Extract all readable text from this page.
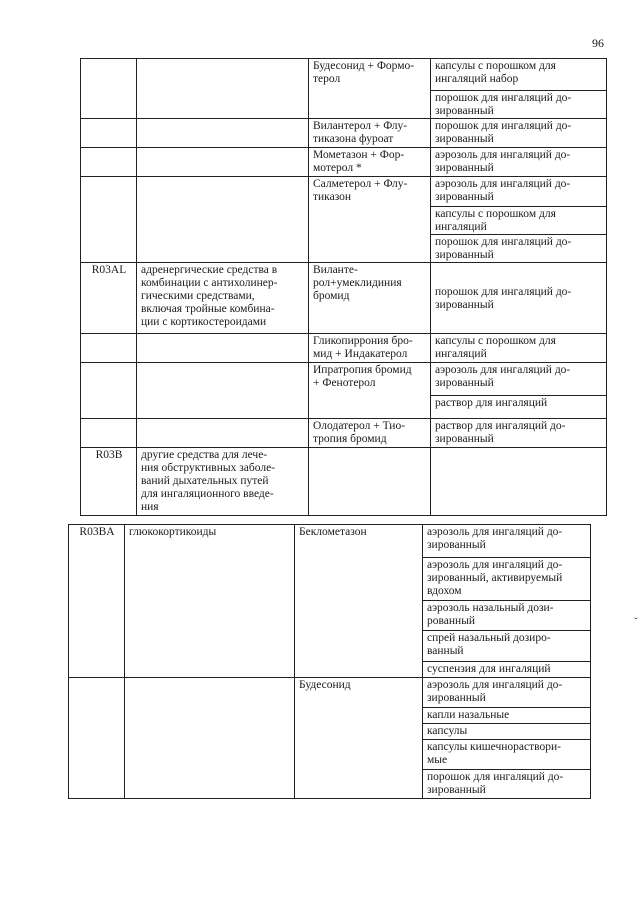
96
ˇ
		Будесонид + Формо-
терол	капсулы с порошком для
ингаляций набор
			порошок для ингаляций до-
зированный
		Вилантерол + Флу-
тиказона фуроат	порошок для ингаляций до-
зированный
		Мометазон + Фор-
мотерол *	аэрозоль для ингаляций до-
зированный
		Салметерол + Флу-
тиказон	аэрозоль для ингаляций до-
зированный
			капсулы с порошком для
ингаляций
			порошок для ингаляций до-
зированный
R03AL	адренергические средства в
комбинации с антихолинер-
гическими средствами,
включая тройные комбина-
ции с кортикостероидами	Виланте-
рол+умеклидиния
бромид	порошок для ингаляций до-
зированный
		Гликопиррония бро-
мид + Индакатерол	капсулы с порошком для
ингаляций
		Ипратропия бромид
+ Фенотерол	аэрозоль для ингаляций до-
зированный
			раствор для ингаляций
		Олодатерол + Тио-
тропия бромид	раствор для ингаляций до-
зированный
R03B	другие средства для лече-
ния обструктивных заболе-
ваний дыхательных путей
для ингаляционного введе-
ния		
R03BA	глюкокортикоиды	Беклометазон	аэрозоль для ингаляций до-
зированный
			аэрозоль для ингаляций до-
зированный, активируемый
вдохом
			аэрозоль назальный дози-
рованный
			спрей назальный дозиро-
ванный
			суспензия для ингаляций
		Будесонид	аэрозоль для ингаляций до-
зированный
			капли назальные
			капсулы
			капсулы кишечнораствори-
мые
			порошок для ингаляций до-
зированный
